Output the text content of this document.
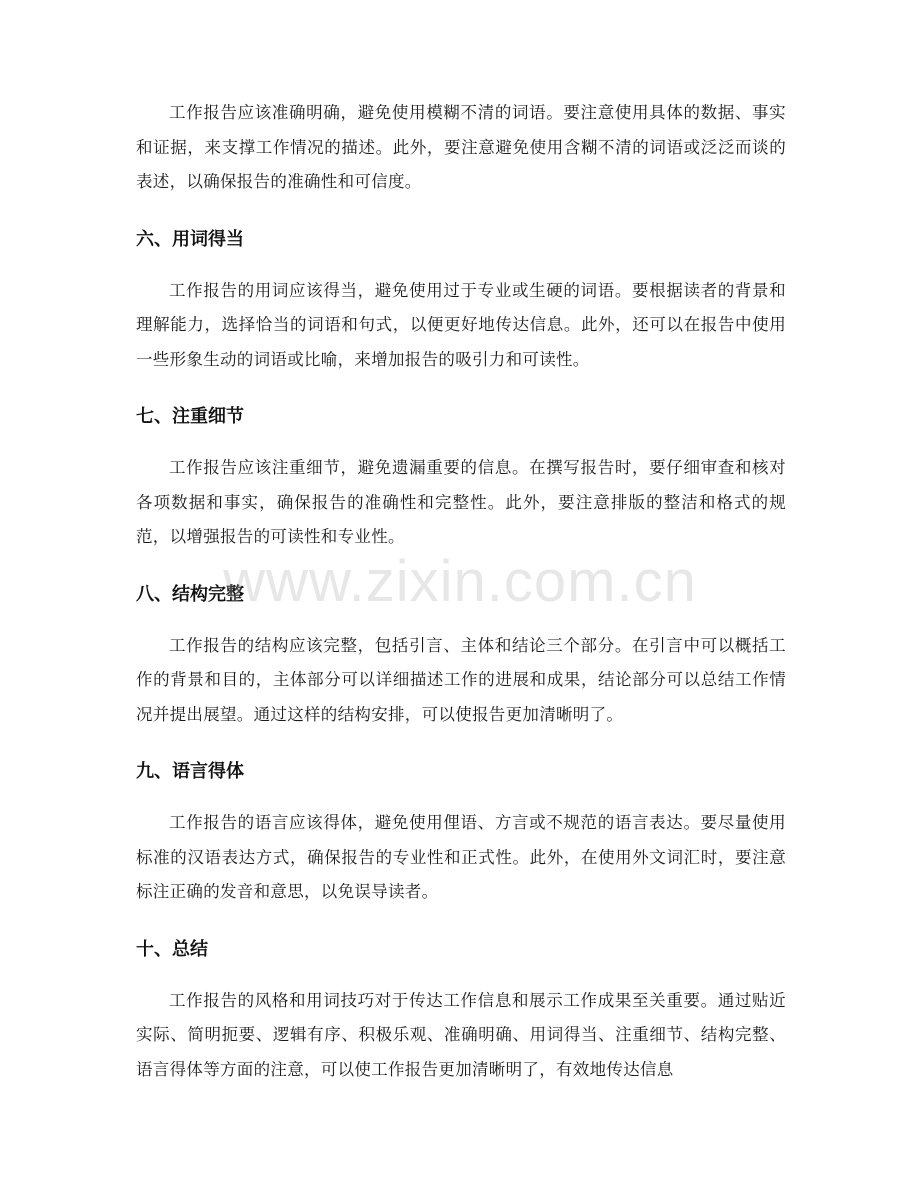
工作报告应该准确明确，避免使用模糊不清的词语。要注意使用具体的数据、事实和证据，来支撑工作情况的描述。此外，要注意避免使用含糊不清的词语或泛泛而谈的表述，以确保报告的准确性和可信度。

六、用词得当

工作报告的用词应该得当，避免使用过于专业或生硬的词语。要根据读者的背景和理解能力，选择恰当的词语和句式，以便更好地传达信息。此外，还可以在报告中使用一些形象生动的词语或比喻，来增加报告的吸引力和可读性。

七、注重细节

工作报告应该注重细节，避免遗漏重要的信息。在撰写报告时，要仔细审查和核对各项数据和事实，确保报告的准确性和完整性。此外，要注意排版的整洁和格式的规范，以增强报告的可读性和专业性。

八、结构完整

工作报告的结构应该完整，包括引言、主体和结论三个部分。在引言中可以概括工作的背景和目的，主体部分可以详细描述工作的进展和成果，结论部分可以总结工作情况并提出展望。通过这样的结构安排，可以使报告更加清晰明了。

九、语言得体

工作报告的语言应该得体，避免使用俚语、方言或不规范的语言表达。要尽量使用标准的汉语表达方式，确保报告的专业性和正式性。此外，在使用外文词汇时，要注意标注正确的发音和意思，以免误导读者。

十、总结

工作报告的风格和用词技巧对于传达工作信息和展示工作成果至关重要。通过贴近实际、简明扼要、逻辑有序、积极乐观、准确明确、用词得当、注重细节、结构完整、语言得体等方面的注意，可以使工作报告更加清晰明了，有效地传达信息

www.zixin.com.cn
